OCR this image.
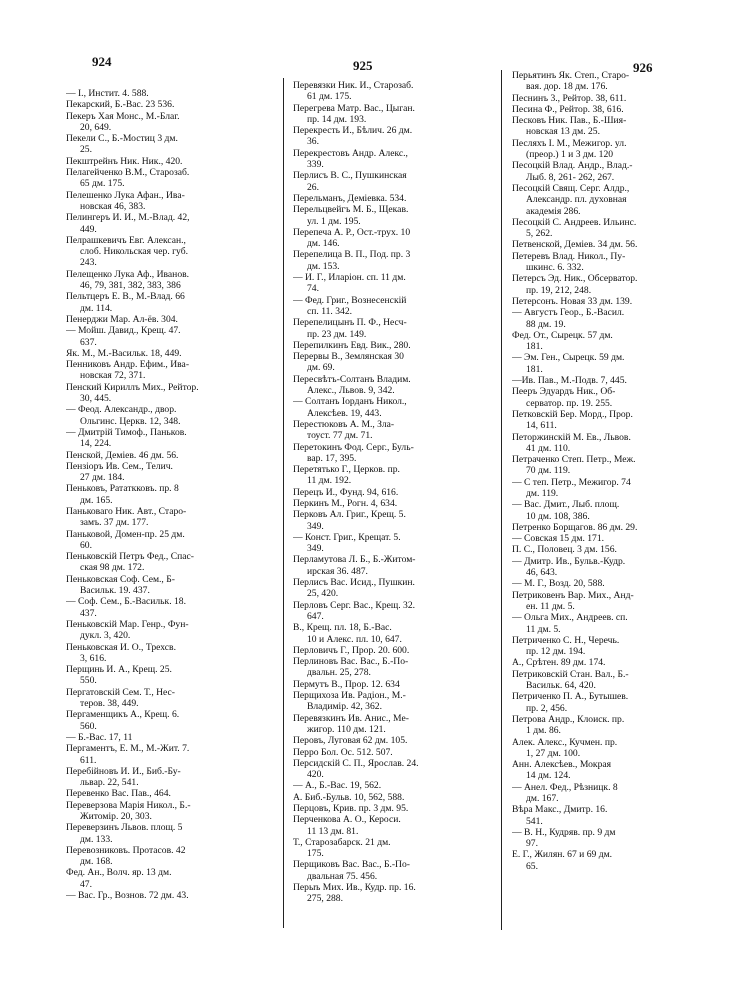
924	925	926
— I., Инстит. 4. 588.
Пекарский, Б.-Вас. 23 536.
Пекеръ Хая Монс., М.-Благ.
20, 649.
Пекели С., Б.-Мостиц 3 дм.
25.
Пекштрейнъ Ник. Ник., 420.
Пелагейченко В.М., Старозаб.
65 дм. 175.
Пелешенко Лука Афан., Ива-
новская 46, 383.
Пелингеръ И. И., М.-Влад. 42,
449.
Пелрашкевичъ Евг. Алексан.,
слоб. Никольская чер. губ.
243.
Пелещенко Лука Аф., Иванов.
46, 79, 381, 382, 383, 386
Пельтцеръ Е. В., М.-Влад. 66
дм. 114.
Пенерджи Мар. Ал-ёв. 304.
— Мойш. Давид., Крещ. 47.
637.
Як. М., М.-Васильк. 18, 449.
Пенниковъ Андр. Ефим., Ива-
новская 72, 371.
Пенский Кириллъ Мих., Рейтор.
30, 445.
— Феод. Александр., двор.
Ольгинс. Церкв. 12, 348.
— Дмитрій Тимоф., Паньков.
14, 224.
Пенской, Деміев. 46 дм. 56.
Пензіоръ Ив. Сем., Телич.
27 дм. 184.
Пеньковъ, Рататкковъ. пр. 8
дм. 165.
Паньковаго Ник. Авт., Старо-
замъ. 37 дм. 177.
Паньковой, Домен-пр. 25 дм.
60.
Пеньковскій Петръ Фед., Спас-
ская 98 дм. 172.
Пеньковская Соф. Сем., Б-
Васильк. 19. 437.
— Соф. Сем., Б.-Васильк. 18.
437.
Пеньковскій Мар. Генр., Фун-
дукл. 3, 420.
Пеньковская И. О., Трехсв.
3, 616.
Перщинь И. А., Крещ. 25.
550.
Пергатовскій Сем. Т., Нес-
теров. 38, 449.
Пергаменщикъ А., Крещ. 6.
560.
— Б.-Вас. 17, 11
Пергаментъ, Е. М., М.-Жит. 7.
611.
Перебійновъ И. И., Биб.-Бу-
львар. 22, 541.
Перевенко Вас. Пав., 464.
Переверзова Марія Никол., Б.-
Житомір. 20, 303.
Переверзинъ Львов. площ. 5
дм. 133.
Перевозниковъ. Протасов. 42
дм. 168.
Фед. Ан., Волч. яр. 13 дм.
47.
— Вас. Гр., Вознов. 72 дм. 43.
Перевязки Ник. И., Старозаб.
61 дм. 175.
Перегрева Матр. Вас., Цыган.
пр. 14 дм. 193.
Перекресть И., Бѣлич. 26 дм.
36.
Перекрестовъ Андр. Алекс.,
339.
Перлисъ В. С., Пушкинская
26.
Перельманъ, Деміевка. 534.
Перельцвейгъ М. Б., Щекав.
ул. 1 дм. 195.
Перепеча А. Р., Ост.-трух. 10
дм. 146.
Перепелица В. П., Под. пр. 3
дм. 153.
— И. Г., Иларіон. сп. 11 дм.
74.
— Фед. Григ., Вознесенскій
сп. 11. 342.
Перепелицынъ П. Ф., Несч-
пр. 23 дм. 149.
Перепилкинъ Евд. Вик., 280.
Перервы В., Землянская 30
дм. 69.
Пересвѣтъ-Солтанъ Владим.
Алекс., Львов. 9, 342.
— Солтанъ Іорданъ Никол.,
Алексѣев. 19, 443.
Перестюковъ А. М., Зла-
тоуст. 77 дм. 71.
Перетокинъ Фод. Серг., Буль-
вар. 17, 395.
Перетятько Г., Церков. пр.
11 дм. 192.
Перецъ И., Фунд. 94, 616.
Перкинъ М., Рогн. 4, 634.
Перковъ Ал. Григ., Крещ. 5.
349.
— Конст. Григ., Крещат. 5.
349.
Перламутова Л. Б., Б.-Житом-
ирская 36. 487.
Перлисъ Вас. Исид., Пушкин.
25, 420.
Перловъ Серг. Вас., Крещ. 32.
647.
В., Крещ. пл. 18, Б.-Вас.
10 и Алекс. пл. 10, 647.
Перловичъ Г., Прор. 20. 600.
Перлиновъ Вас. Вас., Б.-По-
двальн. 25, 278.
Пермутъ В., Прор. 12. 634
Перщихоза Ив. Радіон., М.-
Владимір. 42, 362.
Перевязкинъ Ив. Анис., Ме-
жигор. 110 дм. 121.
Перовъ, Луговая 62 дм. 105.
Перро Бол. Ос. 512. 507.
Персидскій С. П., Ярослав. 24.
420.
— А., Б.-Вас. 19, 562.
А. Биб.-Бульв. 10, 562, 588.
Перцовъ, Крив. пр. 3 дм. 95.
Перченкова А. О., Кероси.
11 13 дм. 81.
Т., Старозабарск. 21 дм.
175.
Перщиковъ Вас. Вас., Б.-По-
двальная 75. 456.
Перыъ Мих. Ив., Кудр. пр. 16.
275, 288.
Перьятинъ Як. Степ., Старо-
вая. дор. 18 дм. 176.
Песнинъ 3., Рейтор. 38, 611.
Песина Ф., Рейтор. 38, 616.
Песковъ Ник. Пав., Б.-Шия-
новская 13 дм. 25.
Песляхъ I. М., Межигор. ул.
(преор.) 1 и 3 дм. 120
Песоцкій Влад. Андр., Влад.-
Лыб. 8, 261- 262, 267.
Песоцкій Свящ. Серг. Алдр.,
Александр. пл. духовная
академія 286.
Песоцкій С. Андреев. Ильинс.
5, 262.
Петвенской, Деміев. 34 дм. 56.
Петеревъ Влад. Никол., Пу-
шкинс. 6. 332.
Петерсъ Эд. Ник., Обсерватор.
пр. 19, 212, 248.
Петерсонъ. Новая 33 дм. 139.
— Августъ Геор., Б.-Васил.
88 дм. 19.
Фед. От., Сырецк. 57 дм.
181.
— Эм. Ген., Сырецк. 59 дм.
181.
—Ив. Пав., М.-Подв. 7, 445.
Пееръ Эдуардъ Ник., Об-
серватор. пр. 19. 255.
Петковскій Бер. Морд., Прор.
14, 611.
Петоржинскій М. Ев., Львов.
41 дм. 110.
Петраченко Степ. Петр., Меж.
70 дм. 119.
— С теп. Петр., Межигор. 74
дм. 119.
— Вас. Дмит., Лыб. площ.
10 дм. 108, 386.
Петренко Борщагов. 86 дм. 29.
— Совская 15 дм. 171.
П. С., Половец. 3 дм. 156.
— Дмитр. Ив., Бульв.-Кудр.
46, 643.
— М. Г., Возд. 20, 588.
Петриковенъ Вар. Мих., Анд-
ен. 11 дм. 5.
— Ольга Мих., Андреев. сп.
11 дм. 5.
Петриченко С. Н., Черечь.
пр. 12 дм. 194.
А., Срѣтен. 89 дм. 174.
Петриковскій Стан. Вал., Б.-
Васильк. 64, 420.
Петриченко П. А., Бутышев.
пр. 2, 456.
Петрова Андр., Клоиск. пр.
1 дм. 86.
Алек. Алекс., Кучмен. пр.
1, 27 дм. 100.
Анн. Алексѣев., Мокрая
14 дм. 124.
— Анел. Фед., Рѣзницк. 8
дм. 167.
Вѣра Макс., Дмитр. 16.
541.
— В. Н., Кудряв. пр. 9 дм
97.
Е. Г., Жилян. 67 и 69 дм.
65.
